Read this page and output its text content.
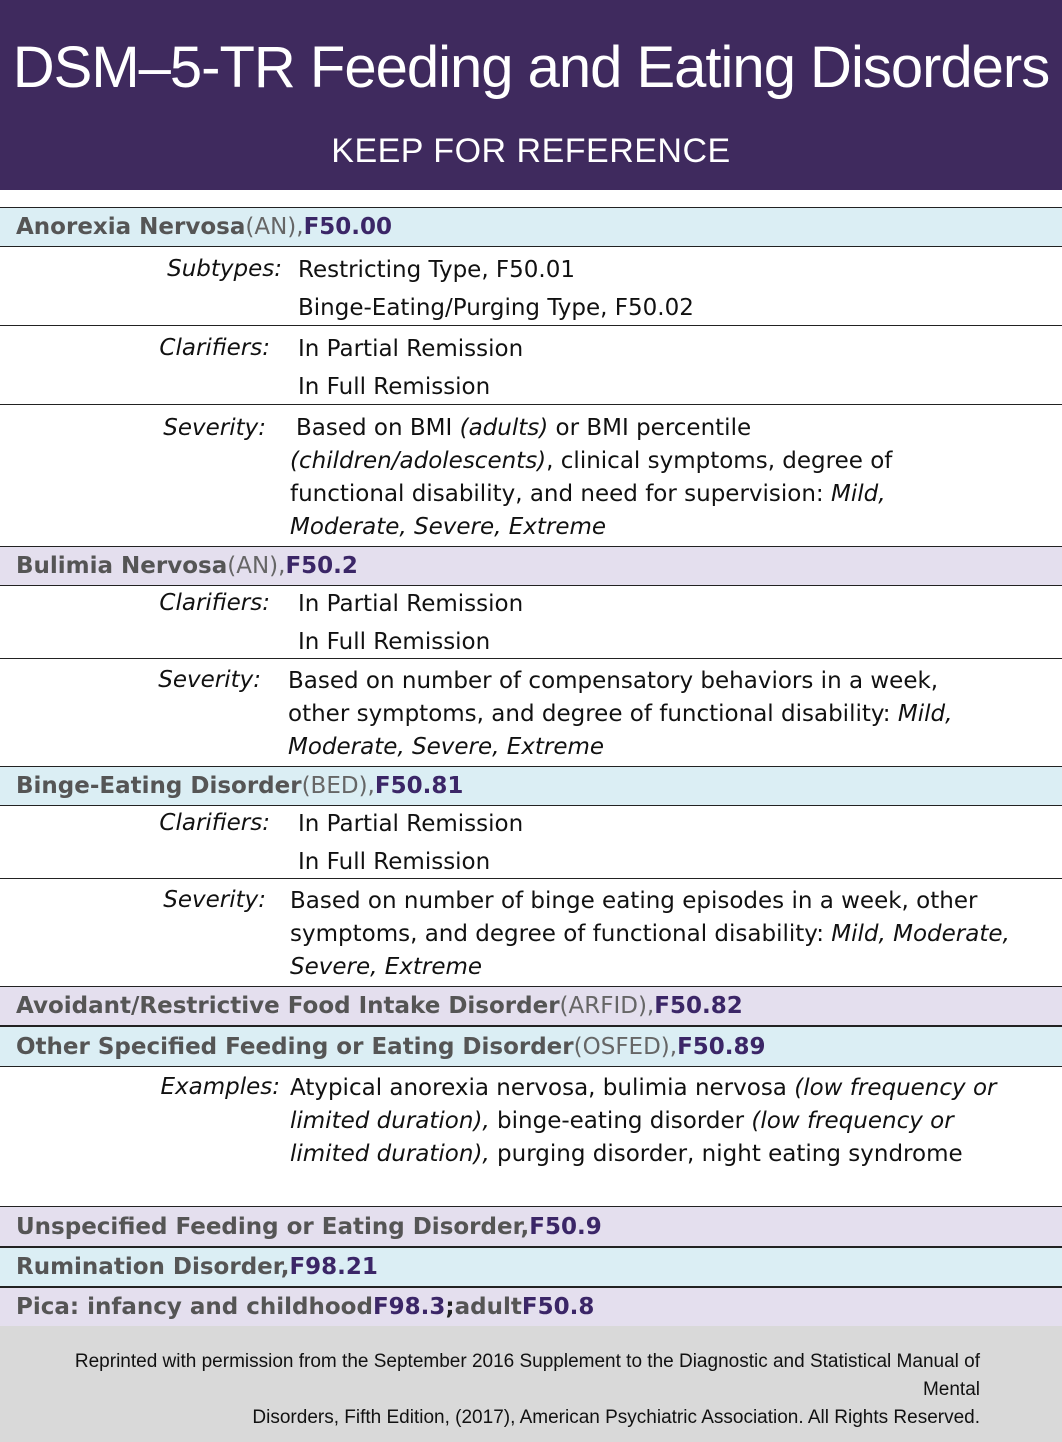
DSM–5-TR Feeding and Eating Disorders
KEEP FOR REFERENCE
Anorexia Nervosa (AN), F50.00
Subtypes: Restricting Type, F50.01
Binge-Eating/Purging Type, F50.02
Clarifiers: In Partial Remission
In Full Remission
Severity: Based on BMI (adults) or BMI percentile (children/adolescents), clinical symptoms, degree of functional disability, and need for supervision: Mild, Moderate, Severe, Extreme
Bulimia Nervosa (AN), F50.2
Clarifiers: In Partial Remission
In Full Remission
Severity: Based on number of compensatory behaviors in a week, other symptoms, and degree of functional disability: Mild, Moderate, Severe, Extreme
Binge-Eating Disorder (BED), F50.81
Clarifiers: In Partial Remission
In Full Remission
Severity: Based on number of binge eating episodes in a week, other symptoms, and degree of functional disability: Mild, Moderate, Severe, Extreme
Avoidant/Restrictive Food Intake Disorder (ARFID), F50.82
Other Specified Feeding or Eating Disorder (OSFED), F50.89
Examples: Atypical anorexia nervosa, bulimia nervosa (low frequency or limited duration), binge-eating disorder (low frequency or limited duration), purging disorder, night eating syndrome
Unspecified Feeding or Eating Disorder, F50.9
Rumination Disorder, F98.21
Pica: infancy and childhood F98.3 ; adult F50.8
Reprinted with permission from the September 2016 Supplement to the Diagnostic and Statistical Manual of Mental
Disorders, Fifth Edition, (2017), American Psychiatric Association. All Rights Reserved.
